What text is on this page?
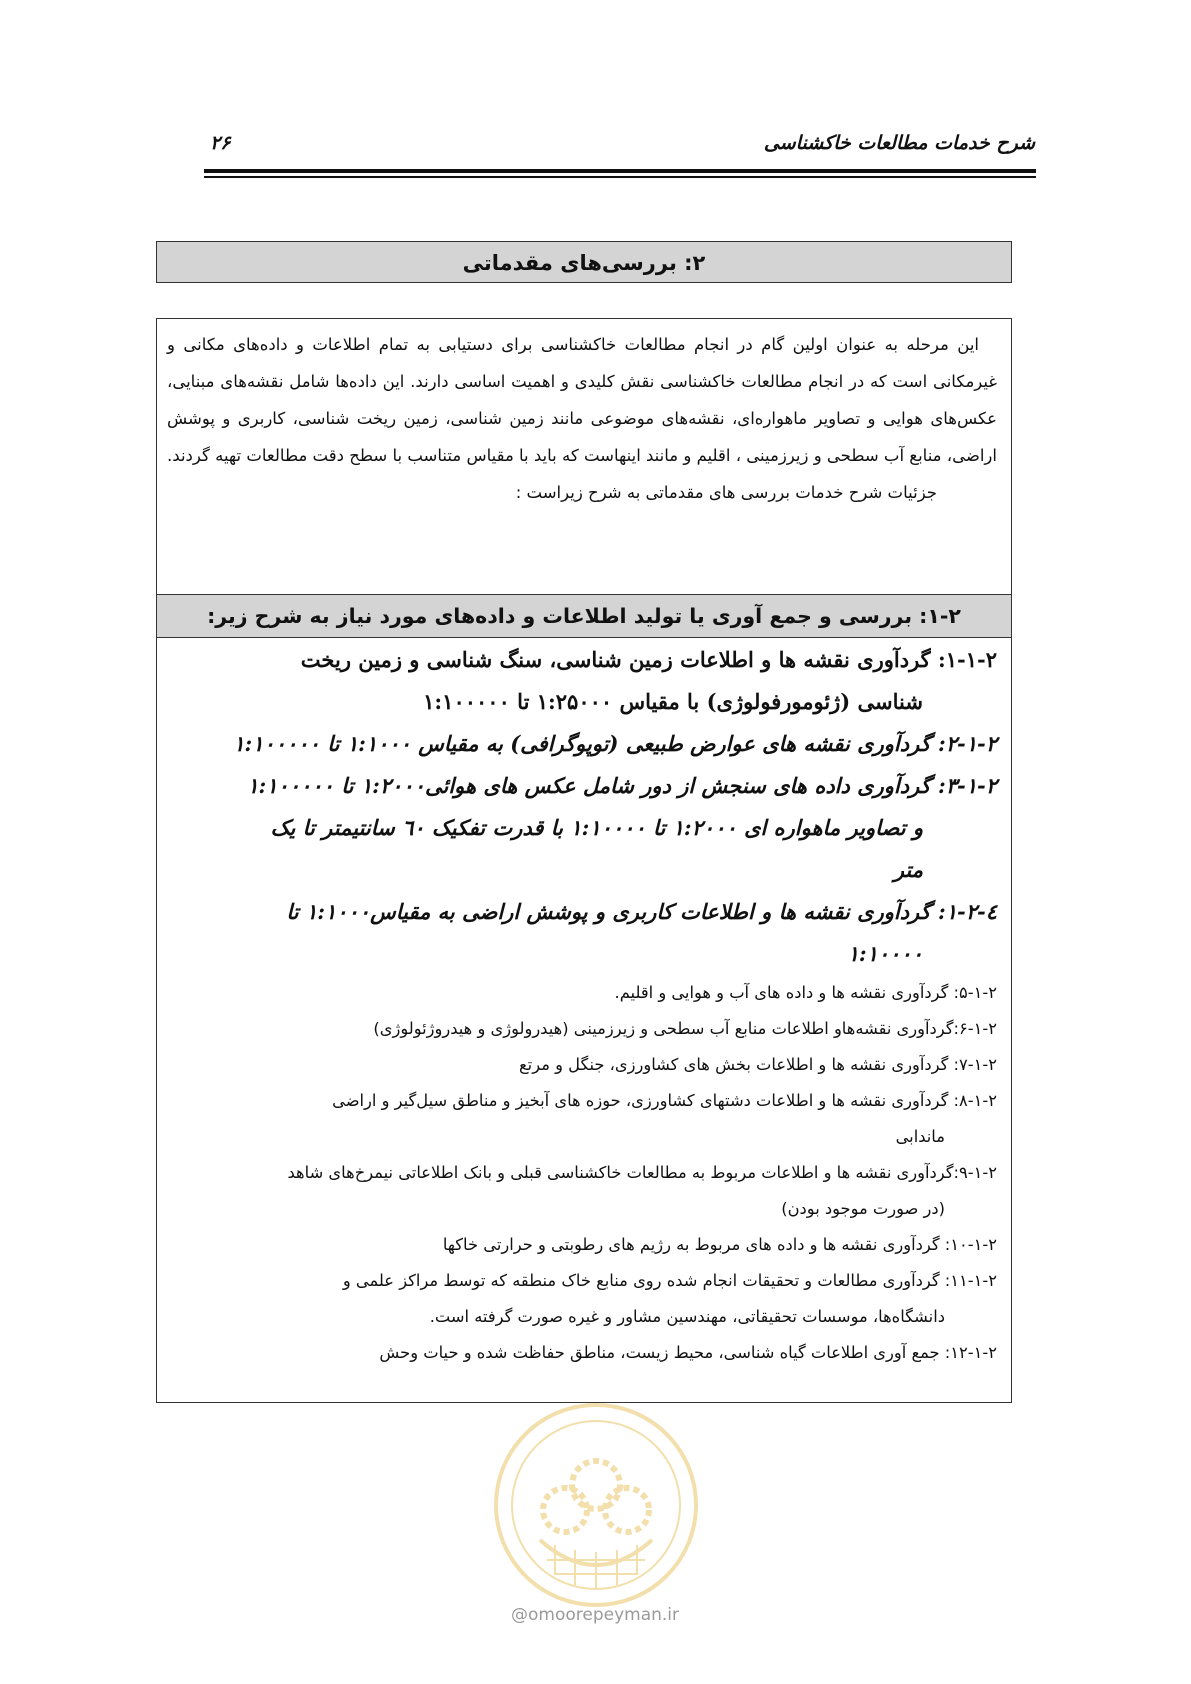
شرح خدمات مطالعات خاکشناسی
۲۶
۲: بررسی‌های مقدماتی

این مرحله به عنوان اولین گام در انجام مطالعات خاکشناسی برای دستیابی به تمام اطلاعات و داده‌های مکانی و غیرمکانی است که در انجام مطالعات خاکشناسی نقش کلیدی و اهمیت اساسی دارند. این داده‌ها شامل نقشه‌های مبنایی، عکس‌های هوایی و تصاویر ماهواره‌ای، نقشه‌های موضوعی مانند زمین شناسی، زمین ریخت شناسی، کاربری و پوشش اراضی، منابع آب سطحی و زیرزمینی ، اقلیم و مانند اینهاست که باید با مقیاس متناسب با سطح دقت مطالعات تهیه گردند.

جزئیات شرح خدمات بررسی های مقدماتی به شرح زیراست :

۱-۲: بررسی و جمع آوری یا تولید اطلاعات و داده‌های مورد نیاز به شرح زیر:
۱-۱-۲: گردآوری نقشه ها و اطلاعات زمین شناسی، سنگ شناسی و زمین ریخت
شناسی (ژئومورفولوژی) با مقیاس ۱:۲۵۰۰۰ تا ۱:۱۰۰۰۰۰
۲-۱-۲: گردآوری نقشه های عوارض طبیعی (توپوگرافی) به مقیاس ۱:۱۰۰۰ تا ۱:۱۰۰۰۰۰
۳-۱-۲: گردآوری داده های سنجش از دور شامل عکس های هوائی۱:۲۰۰۰ تا ۱:۱۰۰۰۰۰
و تصاویر ماهواره ای ۱:۲۰۰۰ تا ۱:۱۰۰۰۰ با قدرت تفکیک ٦٠ سانتیمتر تا یک
متر
٤-۱-۲: گردآوری نقشه ها و اطلاعات کاربری و پوشش اراضی به مقیاس۱:۱۰۰۰ تا
۱:۱۰۰۰۰
۵-۱-۲: گردآوری نقشه ها و داده های آب و هوایی و اقلیم.
۶-۱-۲:گردآوری نقشه‌هاو اطلاعات منابع آب سطحی و زیرزمینی (هیدرولوژی و هیدروژئولوژی)
۷-۱-۲: گردآوری نقشه ها و اطلاعات بخش های کشاورزی، جنگل و مرتع
۸-۱-۲: گردآوری نقشه ها و اطلاعات دشتهای کشاورزی، حوزه های آبخیز و مناطق سیل‌گیر و اراضی
ماندابی
۹-۱-۲:گردآوری نقشه ها و اطلاعات مربوط به مطالعات خاکشناسی قبلی و بانک اطلاعاتی نیمرخ‌های شاهد
(در صورت موجود بودن)
۱۰-۱-۲: گردآوری نقشه ها و داده های مربوط به رژیم های رطوبتی و حرارتی خاکها
۱۱-۱-۲: گردآوری مطالعات و تحقیقات انجام شده روی منابع خاک منطقه که توسط مراکز علمی و
دانشگاه‌ها، موسسات تحقیقاتی، مهندسین مشاور و غیره صورت گرفته است.
۱۲-۱-۲: جمع آوری اطلاعات گیاه شناسی، محیط زیست، مناطق حفاظت شده و حیات وحش
@omoorepeyman.ir
